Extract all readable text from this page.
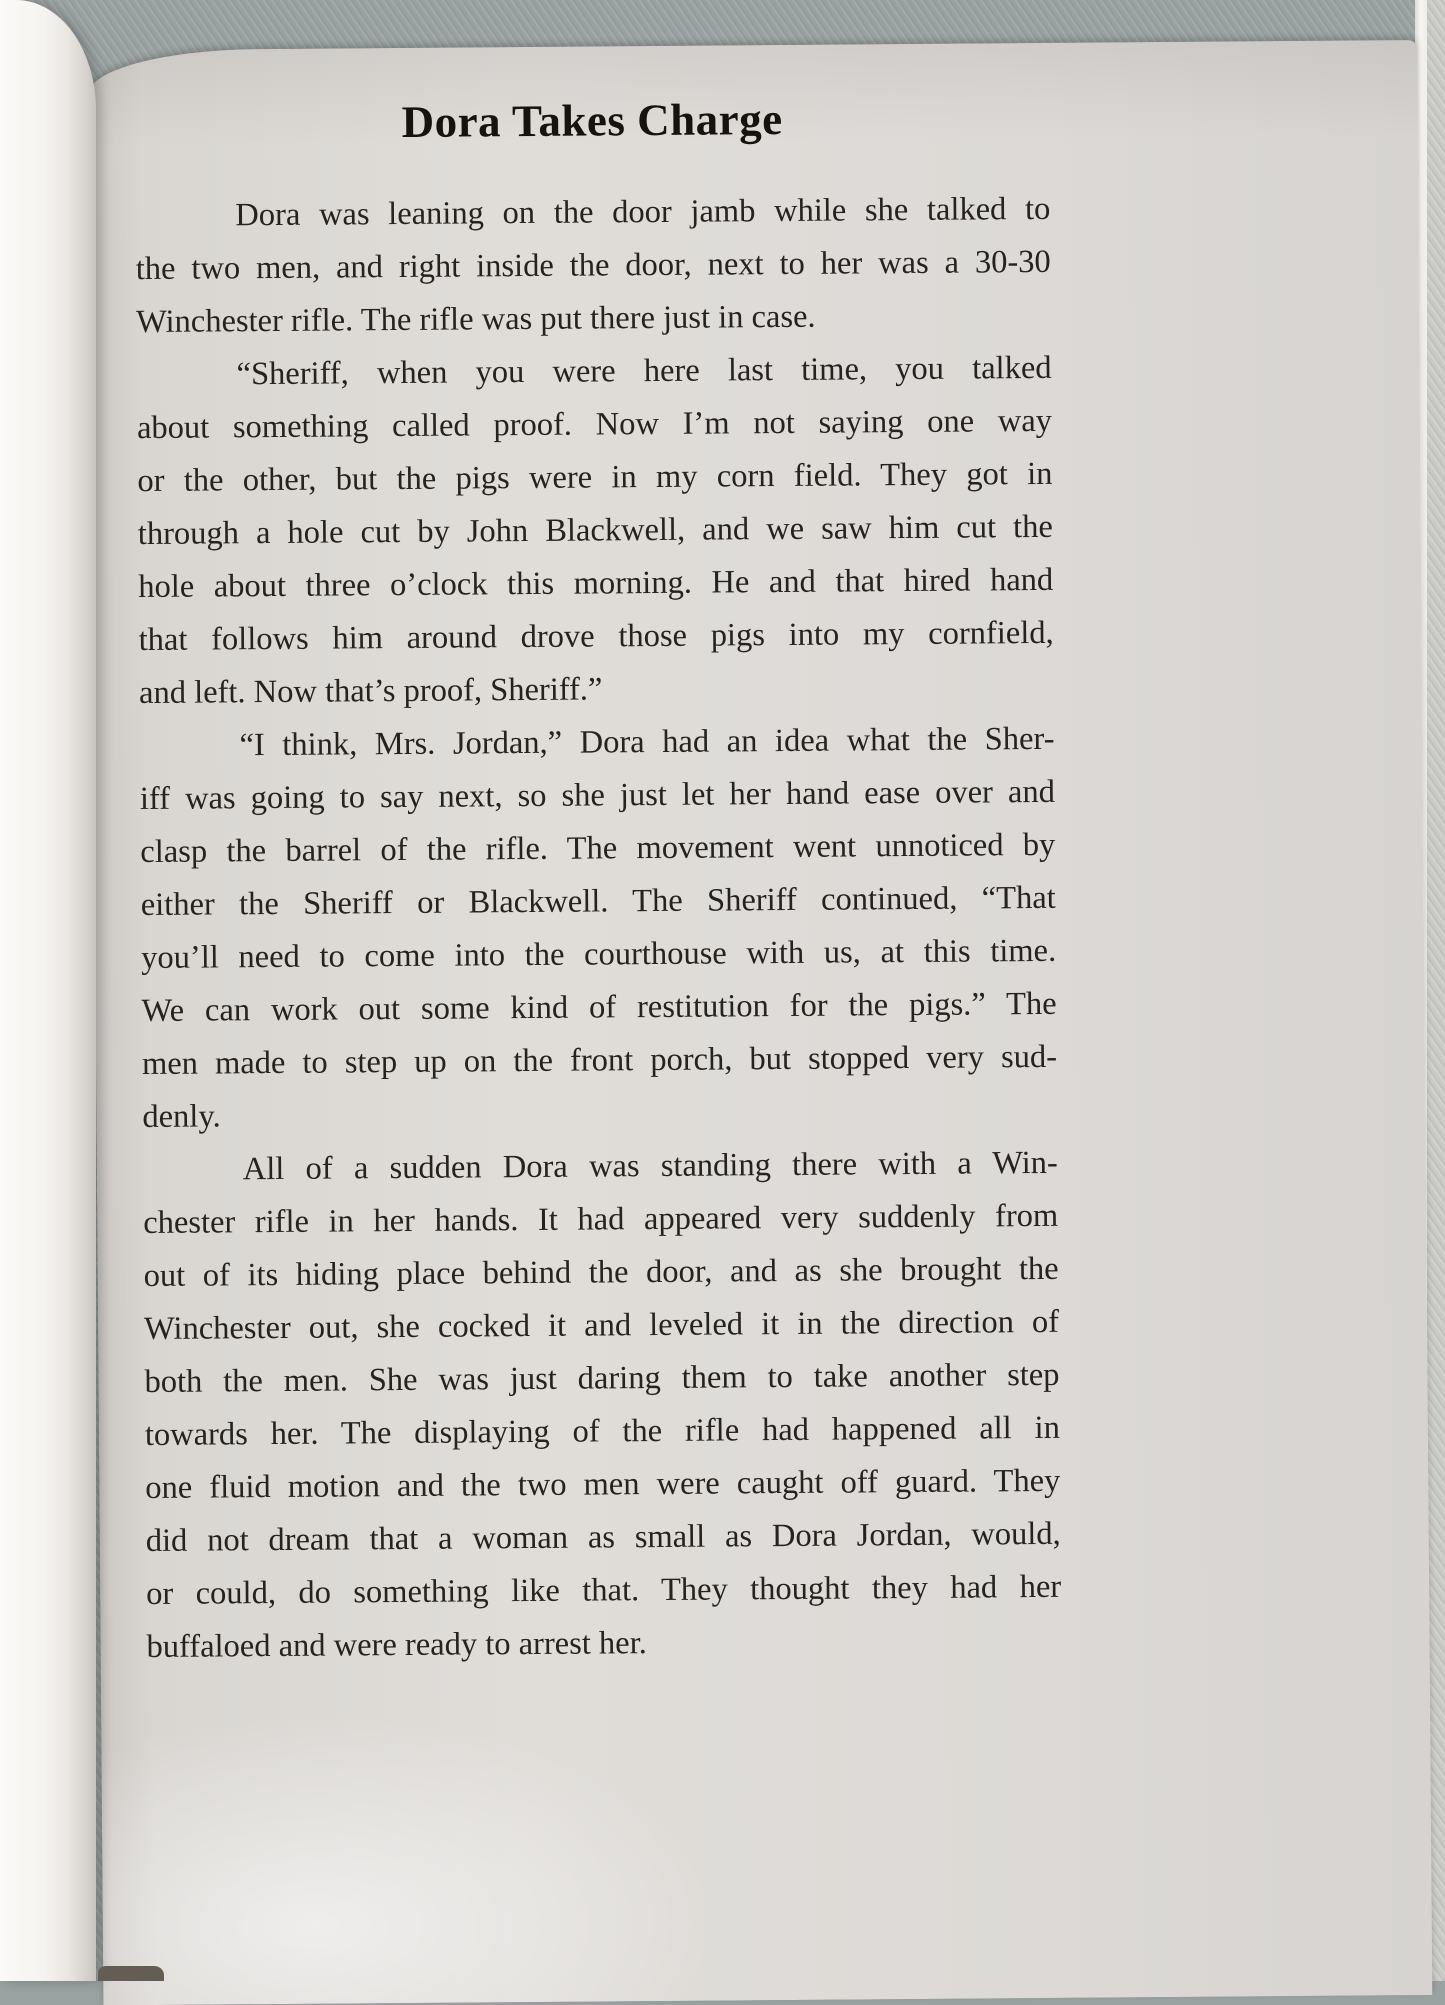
Dora Takes Charge
Dora was leaning on the door jamb while she talked to
the two men, and right inside the door, next to her was a 30-30
Winchester rifle. The rifle was put there just in case.
“Sheriff, when you were here last time, you talked
about something called proof. Now I’m not saying one way
or the other, but the pigs were in my corn field. They got in
through a hole cut by John Blackwell, and we saw him cut the
hole about three o’clock this morning. He and that hired hand
that follows him around drove those pigs into my cornfield,
and left. Now that’s proof, Sheriff.”
“I think, Mrs. Jordan,” Dora had an idea what the Sher-
iff was going to say next, so she just let her hand ease over and
clasp the barrel of the rifle. The movement went unnoticed by
either the Sheriff or Blackwell. The Sheriff continued, “That
you’ll need to come into the courthouse with us, at this time.
We can work out some kind of restitution for the pigs.” The
men made to step up on the front porch, but stopped very sud-
denly.
All of a sudden Dora was standing there with a Win-
chester rifle in her hands. It had appeared very suddenly from
out of its hiding place behind the door, and as she brought the
Winchester out, she cocked it and leveled it in the direction of
both the men. She was just daring them to take another step
towards her. The displaying of the rifle had happened all in
one fluid motion and the two men were caught off guard. They
did not dream that a woman as small as Dora Jordan, would,
or could, do something like that. They thought they had her
buffaloed and were ready to arrest her.
